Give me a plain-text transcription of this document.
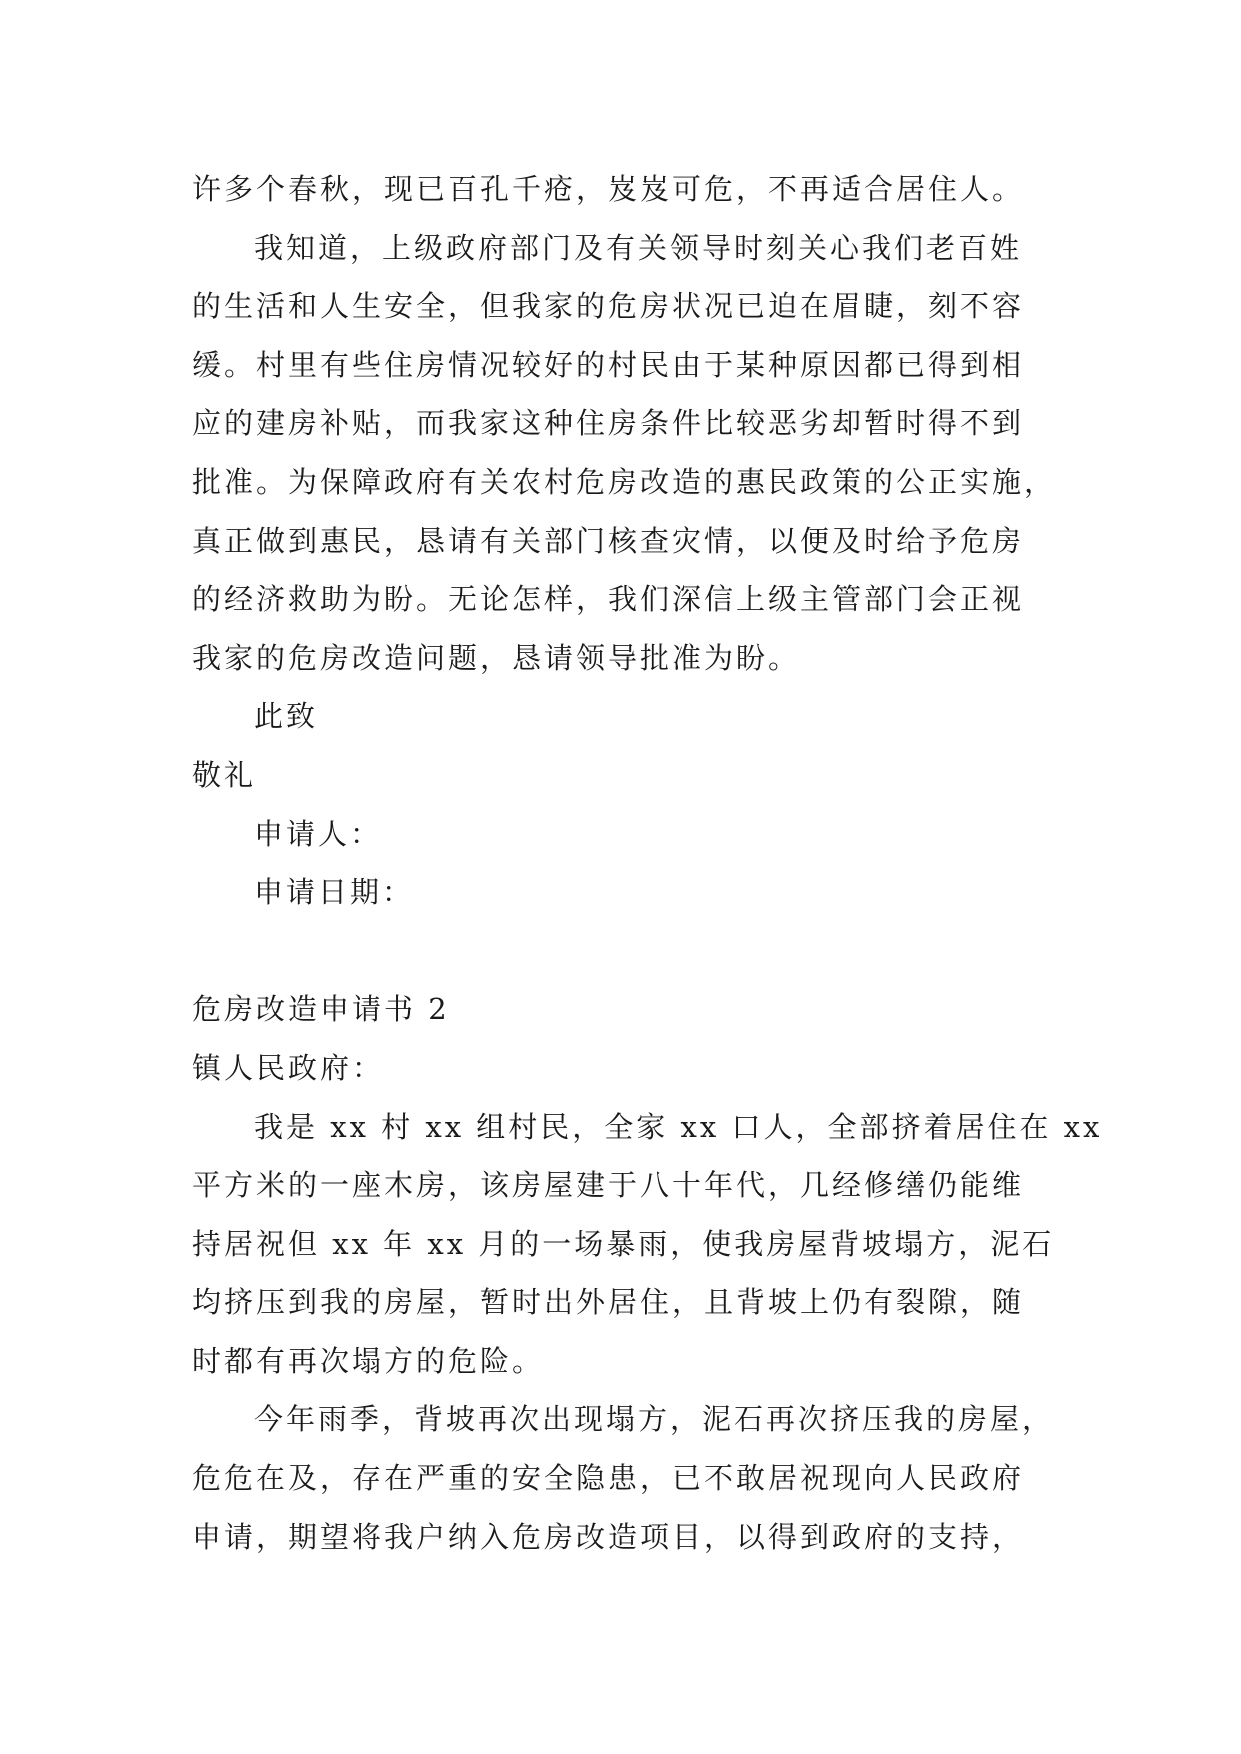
许多个春秋，现已百孔千疮，岌岌可危，不再适合居住人。
我知道，上级政府部门及有关领导时刻关心我们老百姓
的生活和人生安全，但我家的危房状况已迫在眉睫，刻不容
缓。村里有些住房情况较好的村民由于某种原因都已得到相
应的建房补贴，而我家这种住房条件比较恶劣却暂时得不到
批准。为保障政府有关农村危房改造的惠民政策的公正实施，
真正做到惠民，恳请有关部门核查灾情，以便及时给予危房
的经济救助为盼。无论怎样，我们深信上级主管部门会正视
我家的危房改造问题，恳请领导批准为盼。
此致
敬礼
申请人：
申请日期：
危房改造申请书 2
镇人民政府：
我是 xx 村 xx 组村民，全家 xx 口人，全部挤着居住在 xx
平方米的一座木房，该房屋建于八十年代，几经修缮仍能维
持居祝但 xx 年 xx 月的一场暴雨，使我房屋背坡塌方，泥石
均挤压到我的房屋，暂时出外居住，且背坡上仍有裂隙，随
时都有再次塌方的危险。
今年雨季，背坡再次出现塌方，泥石再次挤压我的房屋，
危危在及，存在严重的安全隐患，已不敢居祝现向人民政府
申请，期望将我户纳入危房改造项目，以得到政府的支持，
